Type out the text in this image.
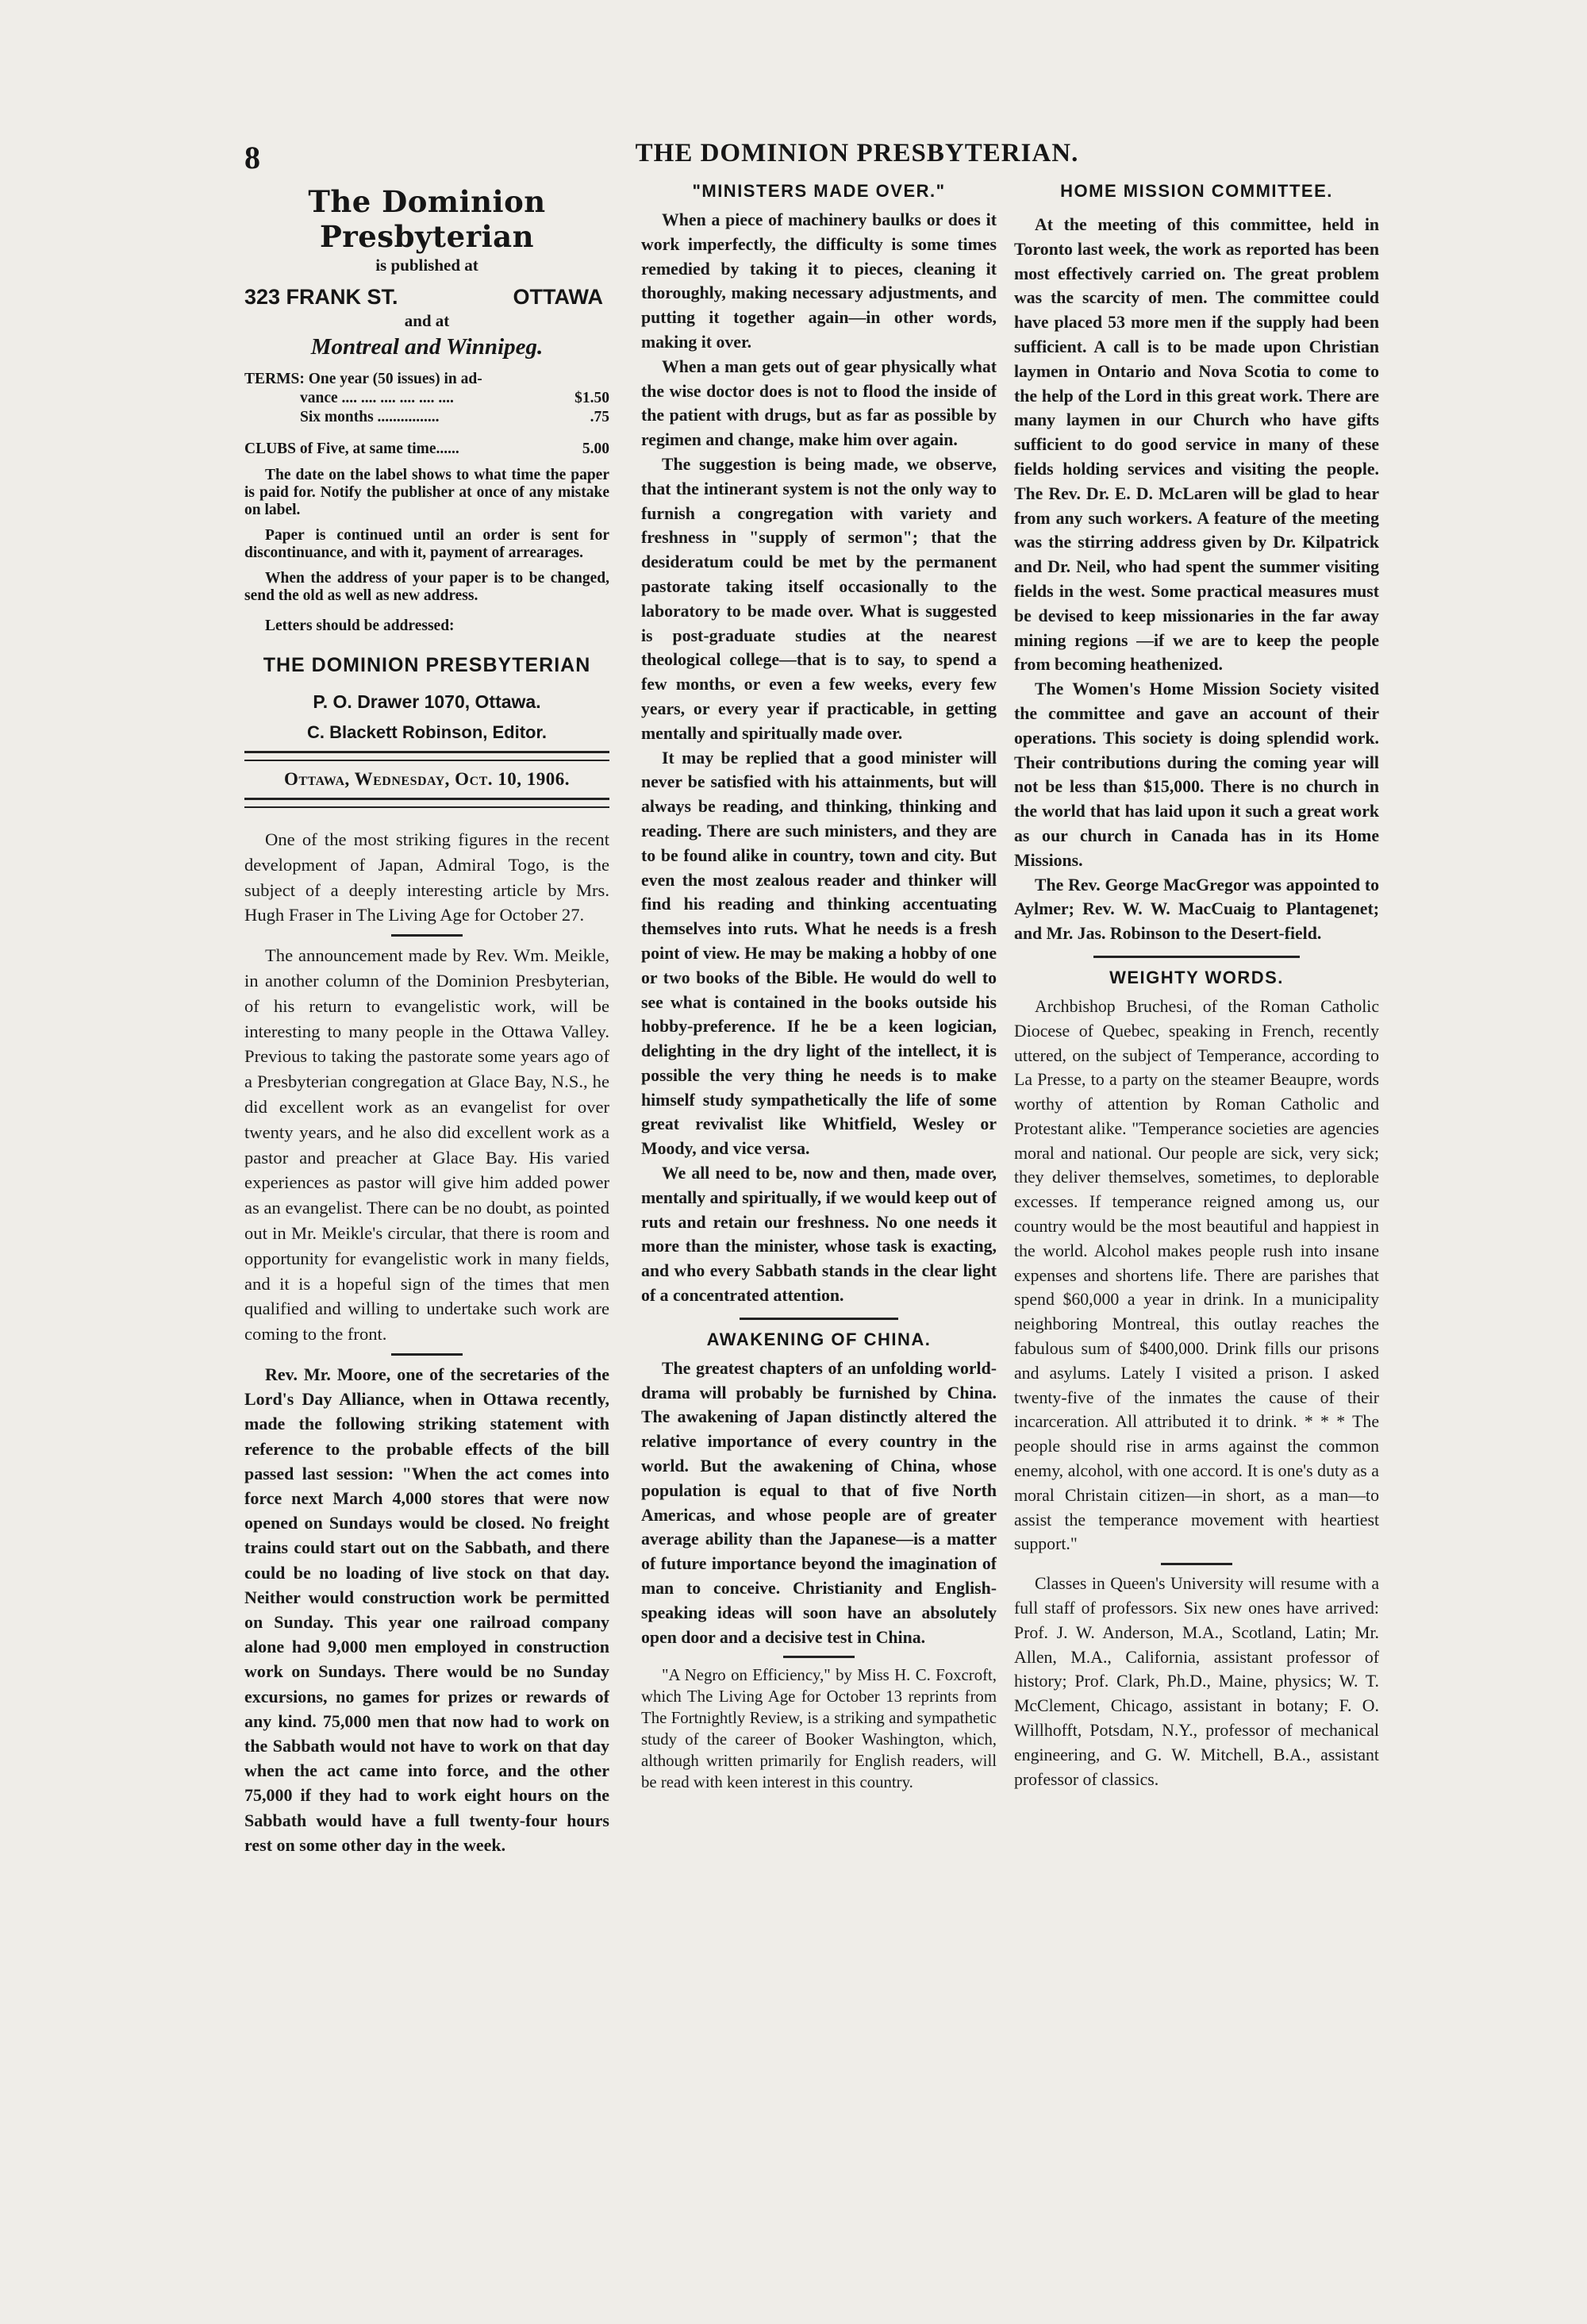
8	THE DOMINION PRESBYTERIAN.
The Dominion Presbyterian
is published at
323 FRANK ST.	OTTAWA
and at
Montreal and Winnipeg.
TERMS: One year (50 issues) in ad-
vance .... .... .... .... .... ....	$1.50
Six months ................	.75
CLUBS of Five, at same time......	5.00

The date on the label shows to what time the paper is paid for. Notify the publisher at once of any mistake on label.

Paper is continued until an order is sent for discontinuance, and with it, payment of arrearages.

When the address of your paper is to be changed, send the old as well as new address.

Letters should be addressed:

THE DOMINION PRESBYTERIAN
P. O. Drawer 1070, Ottawa.
C. Blackett Robinson, Editor.
Ottawa, Wednesday, Oct. 10, 1906.

One of the most striking figures in the recent development of Japan, Admiral Togo, is the subject of a deeply interesting article by Mrs. Hugh Fraser in The Living Age for October 27.

The announcement made by Rev. Wm. Meikle, in another column of the Dominion Presbyterian, of his return to evangelistic work, will be interesting to many people in the Ottawa Valley. Previous to taking the pastorate some years ago of a Presbyterian congregation at Glace Bay, N.S., he did excellent work as an evangelist for over twenty years, and he also did excellent work as a pastor and preacher at Glace Bay. His varied experiences as pastor will give him added power as an evangelist. There can be no doubt, as pointed out in Mr. Meikle's circular, that there is room and opportunity for evangelistic work in many fields, and it is a hopeful sign of the times that men qualified and willing to undertake such work are coming to the front.

Rev. Mr. Moore, one of the secretaries of the Lord's Day Alliance, when in Ottawa recently, made the following striking statement with reference to the probable effects of the bill passed last session: "When the act comes into force next March 4,000 stores that were now opened on Sundays would be closed. No freight trains could start out on the Sabbath, and there could be no loading of live stock on that day. Neither would construction work be permitted on Sunday. This year one railroad company alone had 9,000 men employed in construction work on Sundays. There would be no Sunday excursions, no games for prizes or rewards of any kind. 75,000 men that now had to work on the Sabbath would not have to work on that day when the act came into force, and the other 75,000 if they had to work eight hours on the Sabbath would have a full twenty-four hours rest on some other day in the week.

"MINISTERS MADE OVER."

When a piece of machinery baulks or does it work imperfectly, the difficulty is some times remedied by taking it to pieces, cleaning it thoroughly, making necessary adjustments, and putting it together again—in other words, making it over.

When a man gets out of gear physically what the wise doctor does is not to flood the inside of the patient with drugs, but as far as possible by regimen and change, make him over again.

The suggestion is being made, we observe, that the intinerant system is not the only way to furnish a congregation with variety and freshness in "supply of sermon"; that the desideratum could be met by the permanent pastorate taking itself occasionally to the laboratory to be made over. What is suggested is post-graduate studies at the nearest theological college—that is to say, to spend a few months, or even a few weeks, every few years, or every year if practicable, in getting mentally and spiritually made over.

It may be replied that a good minister will never be satisfied with his attainments, but will always be reading, and thinking, thinking and reading. There are such ministers, and they are to be found alike in country, town and city. But even the most zealous reader and thinker will find his reading and thinking accentuating themselves into ruts. What he needs is a fresh point of view. He may be making a hobby of one or two books of the Bible. He would do well to see what is contained in the books outside his hobby-preference. If he be a keen logician, delighting in the dry light of the intellect, it is possible the very thing he needs is to make himself study sympathetically the life of some great revivalist like Whitfield, Wesley or Moody, and vice versa.

We all need to be, now and then, made over, mentally and spiritually, if we would keep out of ruts and retain our freshness. No one needs it more than the minister, whose task is exacting, and who every Sabbath stands in the clear light of a concentrated attention.

AWAKENING OF CHINA.

The greatest chapters of an unfolding world-drama will probably be furnished by China. The awakening of Japan distinctly altered the relative importance of every country in the world. But the awakening of China, whose population is equal to that of five North Americas, and whose people are of greater average ability than the Japanese—is a matter of future importance beyond the imagination of man to conceive. Christianity and English-speaking ideas will soon have an absolutely open door and a decisive test in China.

"A Negro on Efficiency," by Miss H. C. Foxcroft, which The Living Age for October 13 reprints from The Fortnightly Review, is a striking and sympathetic study of the career of Booker Washington, which, although written primarily for English readers, will be read with keen interest in this country.

HOME MISSION COMMITTEE.

At the meeting of this committee, held in Toronto last week, the work as reported has been most effectively carried on. The great problem was the scarcity of men. The committee could have placed 53 more men if the supply had been sufficient. A call is to be made upon Christian laymen in Ontario and Nova Scotia to come to the help of the Lord in this great work. There are many laymen in our Church who have gifts sufficient to do good service in many of these fields holding services and visiting the people. The Rev. Dr. E. D. McLaren will be glad to hear from any such workers. A feature of the meeting was the stirring address given by Dr. Kilpatrick and Dr. Neil, who had spent the summer visiting fields in the west. Some practical measures must be devised to keep missionaries in the far away mining regions —if we are to keep the people from becoming heathenized.

The Women's Home Mission Society visited the committee and gave an account of their operations. This society is doing splendid work. Their contributions during the coming year will not be less than $15,000. There is no church in the world that has laid upon it such a great work as our church in Canada has in its Home Missions.

The Rev. George MacGregor was appointed to Aylmer; Rev. W. W. MacCuaig to Plantagenet; and Mr. Jas. Robinson to the Desert-field.

WEIGHTY WORDS.

Archbishop Bruchesi, of the Roman Catholic Diocese of Quebec, speaking in French, recently uttered, on the subject of Temperance, according to La Presse, to a party on the steamer Beaupre, words worthy of attention by Roman Catholic and Protestant alike. "Temperance societies are agencies moral and national. Our people are sick, very sick; they deliver themselves, sometimes, to deplorable excesses. If temperance reigned among us, our country would be the most beautiful and happiest in the world. Alcohol makes people rush into insane expenses and shortens life. There are parishes that spend $60,000 a year in drink. In a municipality neighboring Montreal, this outlay reaches the fabulous sum of $400,000. Drink fills our prisons and asylums. Lately I visited a prison. I asked twenty-five of the inmates the cause of their incarceration. All attributed it to drink. * * * The people should rise in arms against the common enemy, alcohol, with one accord. It is one's duty as a moral Christain citizen—in short, as a man—to assist the temperance movement with heartiest support."

Classes in Queen's University will resume with a full staff of professors. Six new ones have arrived: Prof. J. W. Anderson, M.A., Scotland, Latin; Mr. Allen, M.A., California, assistant professor of history; Prof. Clark, Ph.D., Maine, physics; W. T. McClement, Chicago, assistant in botany; F. O. Willhofft, Potsdam, N.Y., professor of mechanical engineering, and G. W. Mitchell, B.A., assistant professor of classics.
